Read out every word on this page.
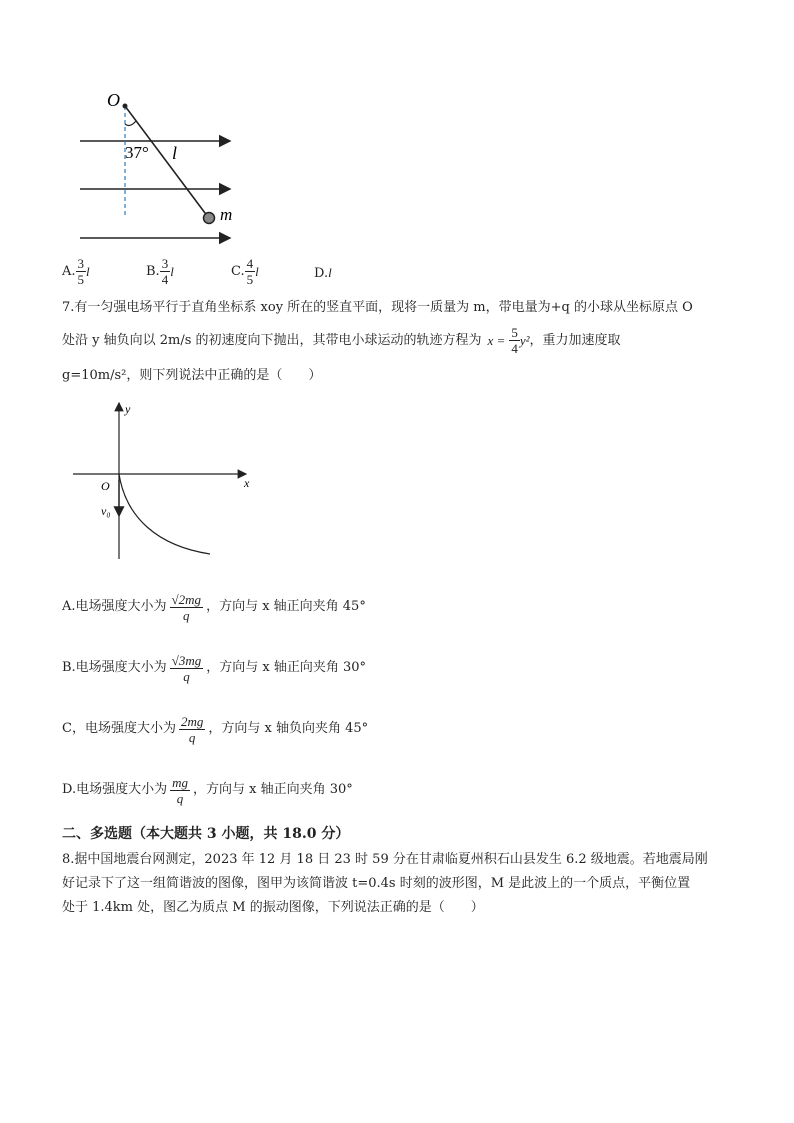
O
37° l
m
A. $\frac{3}{5}$ l	B. $\frac{3}{4}$ l	C. $\frac{4}{5}$ l	D. l
7.有一匀强电场平行于直角坐标系 xoy 所在的竖直平面，现将一质量为 m，带电量为+q 的小球从坐标原点 O
处沿 y 轴负向以 2m/s 的初速度向下抛出，其带电小球运动的轨迹方程为 $x = \frac{5}{4} y^2$ ，重力加速度取
g=10m/s²，则下列说法中正确的是（　　）
y
x
O
v₀
A.电场强度大小为 $\frac{√2mg}{q}$ ，方向与 x 轴正向夹角 45°
B.电场强度大小为 $\frac{√3mg}{q}$ ，方向与 x 轴正向夹角 30°
C，电场强度大小为 $\frac{2mg}{q}$ ，方向与 x 轴负向夹角 45°
D.电场强度大小为 $\frac{mg}{q}$ ，方向与 x 轴正向夹角 30°
二、多选题（本大题共 3 小题，共 18.0 分）
8.据中国地震台网测定，2023 年 12 月 18 日 23 时 59 分在甘肃临夏州积石山县发生 6.2 级地震。若地震局刚
好记录下了这一组简谐波的图像，图甲为该简谐波 t=0.4s 时刻的波形图，M 是此波上的一个质点，平衡位置
处于 1.4km 处，图乙为质点 M 的振动图像，下列说法正确的是（　　）
